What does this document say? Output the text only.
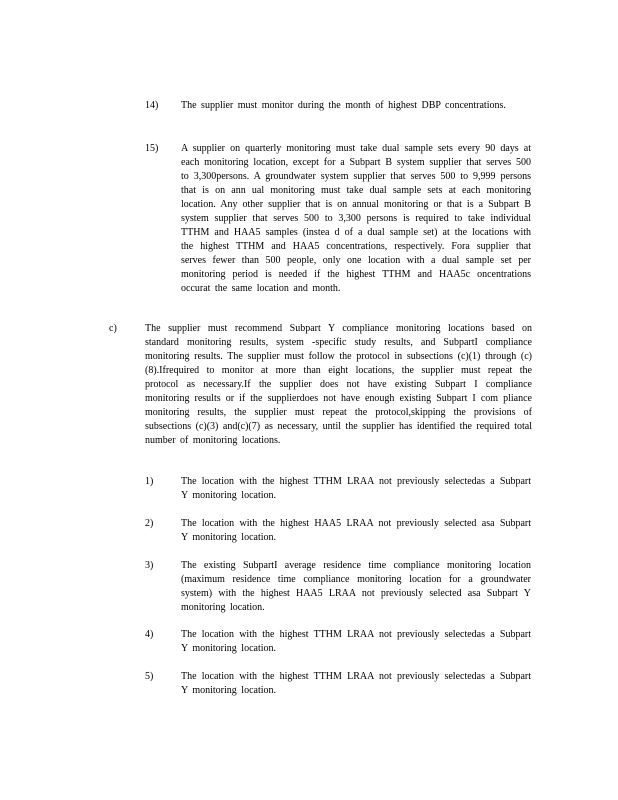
14) The supplier must monitor during the month of highest DBP concentrations.
15) A supplier on quarterly monitoring must take dual sample sets every 90 days at each monitoring location, except for a Subpart B system supplier that serves 500 to 3,300persons. A groundwater system supplier that serves 500 to 9,999 persons that is on ann ual monitoring must take dual sample sets at each monitoring location. Any other supplier that is on annual monitoring or that is a Subpart B system supplier that serves 500 to 3,300 persons is required to take individual TTHM and HAA5 samples (instea d of a dual sample set) at the locations with the highest TTHM and HAA5 concentrations, respectively. Fora supplier that serves fewer than 500 people, only one location with a dual sample set per monitoring period is needed if the highest TTHM and HAA5c oncentrations occurat the same location and month.
c)	The supplier must recommend Subpart Y compliance monitoring locations based on standard monitoring results, system -specific study results, and SubpartI compliance monitoring results. The supplier must follow the protocol in subsections (c)(1) through (c)(8).Ifrequired to monitor at more than eight locations, the supplier must repeat the protocol as necessary.If the supplier does not have existing Subpart I compliance monitoring results or if the supplierdoes not have enough existing Subpart I com pliance monitoring results, the supplier must repeat the protocol,skipping the provisions of subsections (c)(3) and(c)(7) as necessary, until the supplier has identified the required total number of monitoring locations.
1)	The location with the highest TTHM LRAA not previously selectedas a Subpart Y monitoring location.
2)	The location with the highest HAA5 LRAA not previously selected asa Subpart Y monitoring location.
3)	The existing SubpartI average residence time compliance monitoring location (maximum residence time compliance monitoring location for a groundwater system) with the highest HAA5 LRAA not previously selected asa Subpart Y monitoring location.
4)	The location with the highest TTHM LRAA not previously selectedas a Subpart Y monitoring location.
5)	The location with the highest TTHM LRAA not previously selectedas a Subpart Y monitoring location.
